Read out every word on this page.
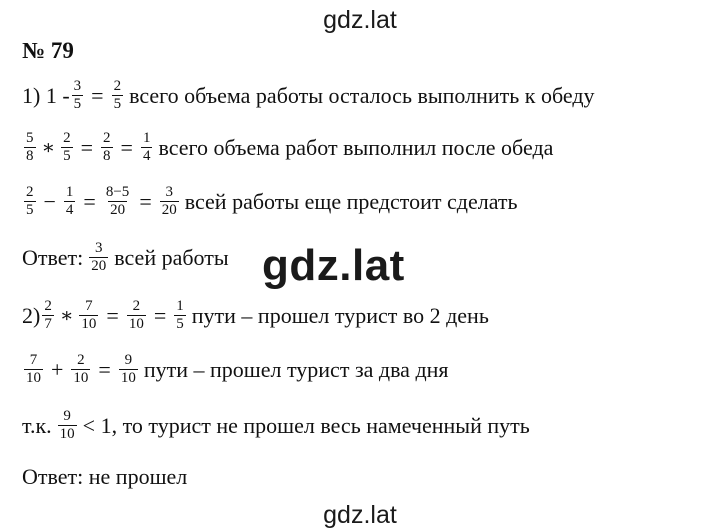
gdz.lat
№ 79
1) $1 - \frac{3}{5} = \frac{2}{5}$ всего объема работы осталось выполнить к обеду
$\frac{5}{8}$ ∗ $\frac{2}{5} = \frac{2}{8} = \frac{1}{4}$ всего объема работ выполнил после обеда
$\frac{2}{5} - \frac{1}{4} = \frac{8-5}{20} = \frac{3}{20}$ всей работы еще предстоит сделать
Ответ: $\frac{3}{20}$ всей работы gdz.lat
$2) \frac{2}{7}$ ∗ $\frac{7}{10} = \frac{2}{10} = \frac{1}{5}$ пути – прошел турист во 2 день
$\frac{7}{10} + \frac{2}{10} = \frac{9}{10}$ пути – прошел турист за два дня
т.к. $\frac{9}{10} < 1$, то турист не прошел весь намеченный путь
Ответ: не прошел
gdz.lat
